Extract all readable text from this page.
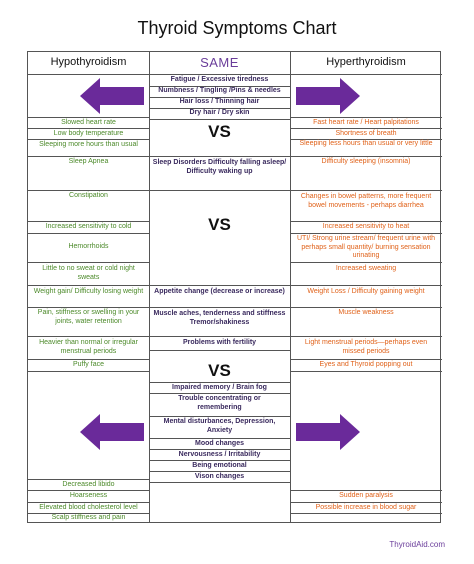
Thyroid Symptoms Chart
Hypothyroidism	SAME	Hyperthyroidism
VS
VS
VS
Fatigue / Excessive tiredness
Numbness / Tingling /Pins & needles
Hair loss / Thinning hair
Dry hair / Dry skin
Sleep Disorders Difficulty falling asleep/ Difficulty waking up
Appetite change (decrease or increase)
Muscle aches, tenderness and stiffness Tremor/shakiness
Problems with fertility
Impaired memory / Brain fog
Trouble concentrating or remembering
Mental disturbances, Depression, Anxiety
Mood changes
Nervousness / Irritability
Being emotional
Vison changes
Slowed heart rate
Low body temperature
Sleeping more hours than usual
Sleep Apnea
Constipation
Increased sensitivity to cold
Hemorrhoids
Little to no sweat or cold night sweats
Weight gain/ Difficulty losing weight
Pain, stiffness or swelling in your joints, water retention
Heavier than normal or irregular menstrual periods
Puffy face
Decreased libido
Hoarseness
Elevated blood cholesterol level
Scalp stiffness and pain
Fast heart rate / Heart palpitations
Shortness of breath
Sleeping less hours than usual or very little
Difficulty sleeping (insomnia)
Changes in bowel patterns, more frequent bowel movements - perhaps diarrhea
Increased sensitivity to heat
UTI/ Strong urine stream/ frequent urine with perhaps small quantity/ burning sensation urinating
Increased sweating
Weight Loss / Difficulty gaining weight
Muscle weakness
Light menstrual periods—perhaps even missed periods
Eyes and Thyroid popping out
Sudden paralysis
Possible increase in blood sugar
ThyroidAid.com
